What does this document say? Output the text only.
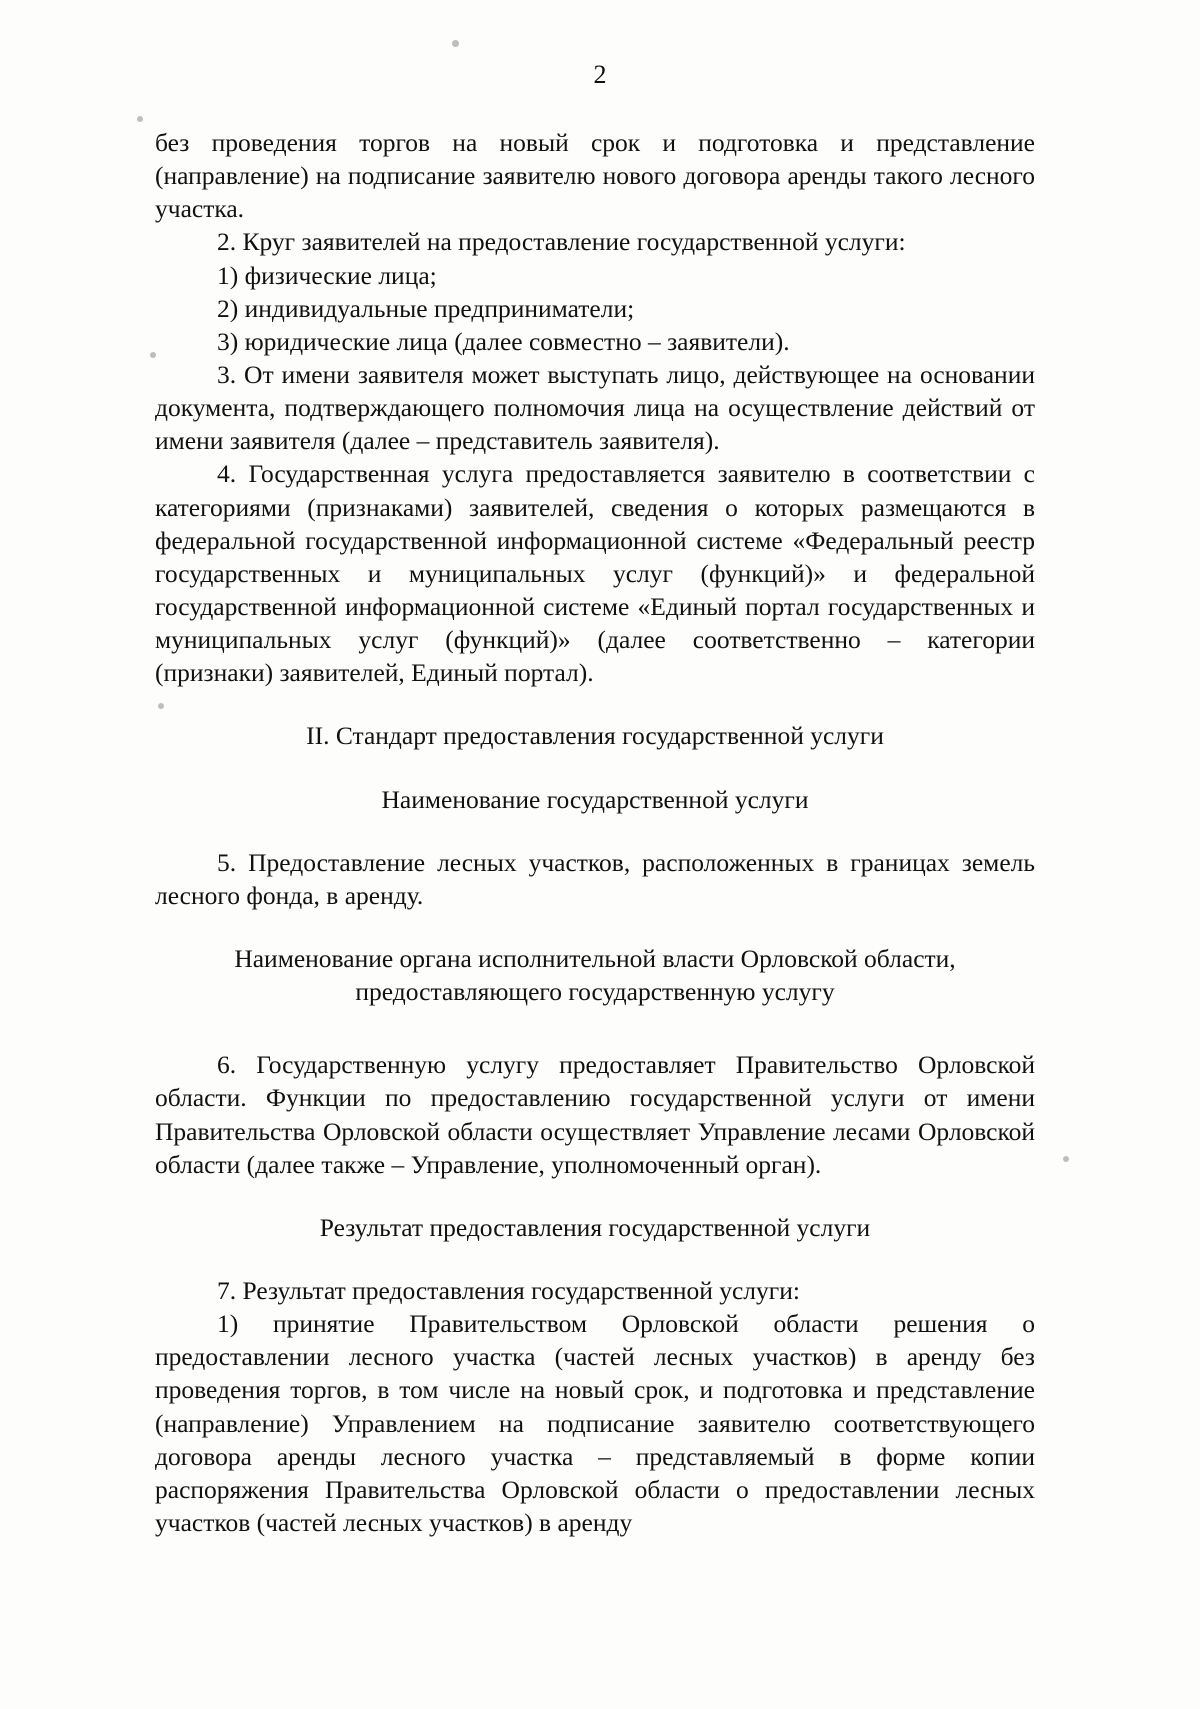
2

без проведения торгов на новый срок и подготовка и представление (направление) на подписание заявителю нового договора аренды такого лесного участка.

2. Круг заявителей на предоставление государственной услуги:

1) физические лица;

2) индивидуальные предприниматели;

3) юридические лица (далее совместно – заявители).

3. От имени заявителя может выступать лицо, действующее на основании документа, подтверждающего полномочия лица на осуществление действий от имени заявителя (далее – представитель заявителя).

4. Государственная услуга предоставляется заявителю в соответствии с категориями (признаками) заявителей, сведения о которых размещаются в федеральной государственной информационной системе «Федеральный реестр государственных и муниципальных услуг (функций)» и федеральной государственной информационной системе «Единый портал государственных и муниципальных услуг (функций)» (далее соответственно – категории (признаки) заявителей, Единый портал).

II. Стандарт предоставления государственной услуги

Наименование государственной услуги

5. Предоставление лесных участков, расположенных в границах земель лесного фонда, в аренду.

Наименование органа исполнительной власти Орловской области,

предоставляющего государственную услугу

6. Государственную услугу предоставляет Правительство Орловской области. Функции по предоставлению государственной услуги от имени Правительства Орловской области осуществляет Управление лесами Орловской области (далее также – Управление, уполномоченный орган).

Результат предоставления государственной услуги

7. Результат предоставления государственной услуги:

1) принятие Правительством Орловской области решения о предоставлении лесного участка (частей лесных участков) в аренду без проведения торгов, в том числе на новый срок, и подготовка и представление (направление) Управлением на подписание заявителю соответствующего договора аренды лесного участка – представляемый в форме копии распоряжения Правительства Орловской области о предоставлении лесных участков (частей лесных участков) в аренду
